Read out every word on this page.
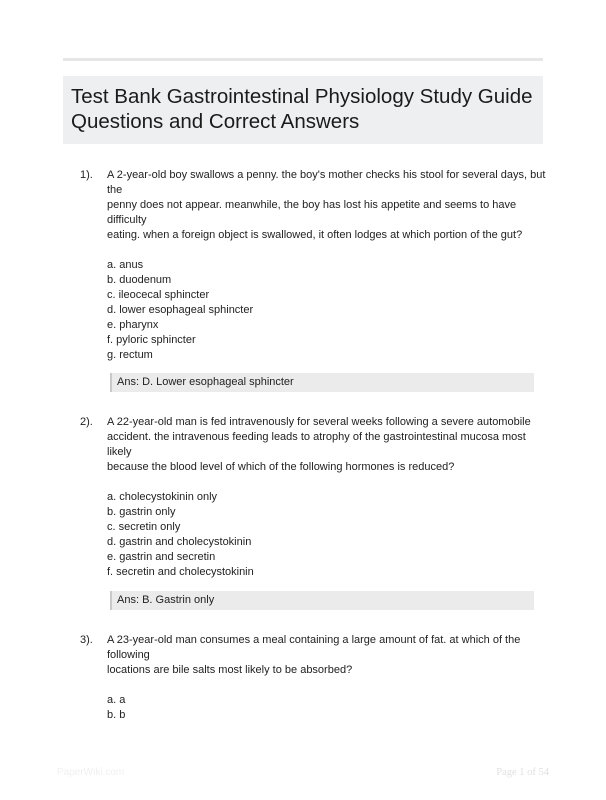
Test Bank Gastrointestinal Physiology Study Guide Questions and Correct Answers
1). A 2-year-old boy swallows a penny. the boy's mother checks his stool for several days, but
the
penny does not appear. meanwhile, the boy has lost his appetite and seems to have
difficulty
eating. when a foreign object is swallowed, it often lodges at which portion of the gut?
a. anus
b. duodenum
c. ileocecal sphincter
d. lower esophageal sphincter
e. pharynx
f. pyloric sphincter
g. rectum
Ans: D. Lower esophageal sphincter
2). A 22-year-old man is fed intravenously for several weeks following a severe automobile
accident. the intravenous feeding leads to atrophy of the gastrointestinal mucosa most
likely
because the blood level of which of the following hormones is reduced?
a. cholecystokinin only
b. gastrin only
c. secretin only
d. gastrin and cholecystokinin
e. gastrin and secretin
f. secretin and cholecystokinin
Ans: B. Gastrin only
3). A 23-year-old man consumes a meal containing a large amount of fat. at which of the
following
locations are bile salts most likely to be absorbed?
a. a
b. b
PaperWiki.com	Page 1 of 54
